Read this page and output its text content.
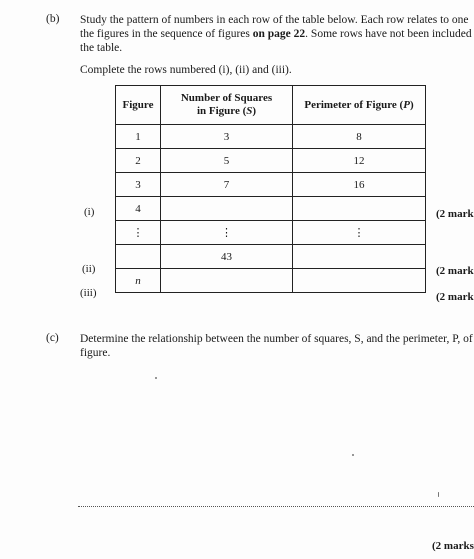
(b) Study the pattern of numbers in each row of the table below. Each row relates to one
the figures in the sequence of figures on page 22. Some rows have not been included
the table.
Complete the rows numbered (i), (ii) and (iii).
Figure	Number of Squares
in Figure (S)	Perimeter of Figure (P)
1	3	8
2	5	12
3	7	16
4		
⋮	⋮	⋮
	43	
n		
(i)
(ii)
(iii)
(2 mark
(2 mark
(2 mark
(c) Determine the relationship between the number of squares, S, and the perimeter, P, of
figure.
(2 marks
